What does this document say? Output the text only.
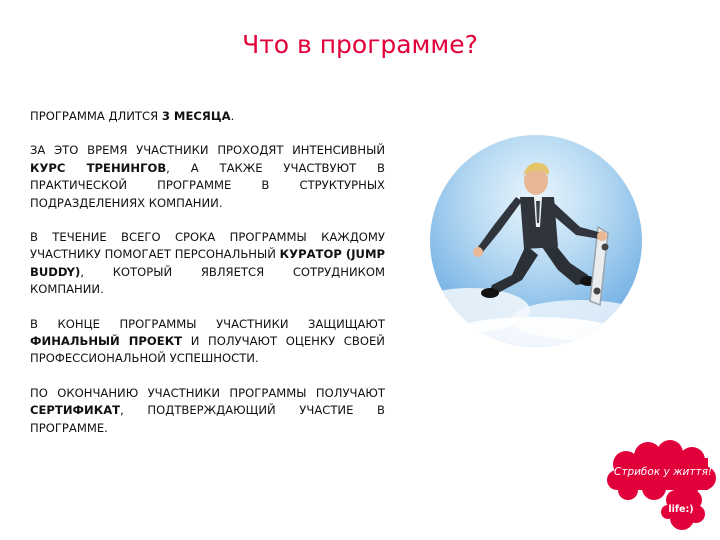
Что в программе?

ПРОГРАММА ДЛИТСЯ 3 МЕСЯЦА.

ЗА ЭТО ВРЕМЯ УЧАСТНИКИ ПРОХОДЯТ ИНТЕНСИВНЫЙ КУРС ТРЕНИНГОВ, А ТАКЖЕ УЧАСТВУЮТ В ПРАКТИЧЕСКОЙ ПРОГРАММЕ В СТРУКТУРНЫХ ПОДРАЗДЕЛЕНИЯХ КОМПАНИИ.

В ТЕЧЕНИЕ ВСЕГО СРОКА ПРОГРАММЫ КАЖДОМУ УЧАСТНИКУ ПОМОГАЕТ ПЕРСОНАЛЬНЫЙ КУРАТОР (JUMP BUDDY), КОТОРЫЙ ЯВЛЯЕТСЯ СОТРУДНИКОМ КОМПАНИИ.

В КОНЦЕ ПРОГРАММЫ УЧАСТНИКИ ЗАЩИЩАЮТ ФИНАЛЬНЫЙ ПРОЕКТ И ПОЛУЧАЮТ ОЦЕНКУ СВОЕЙ ПРОФЕССИОНАЛЬНОЙ УСПЕШНОСТИ.

ПО ОКОНЧАНИЮ УЧАСТНИКИ ПРОГРАММЫ ПОЛУЧАЮТ СЕРТИФИКАТ, ПОДТВЕРЖДАЮЩИЙ УЧАСТИЕ В ПРОГРАММЕ.

Стрибок у життя!
life:)
